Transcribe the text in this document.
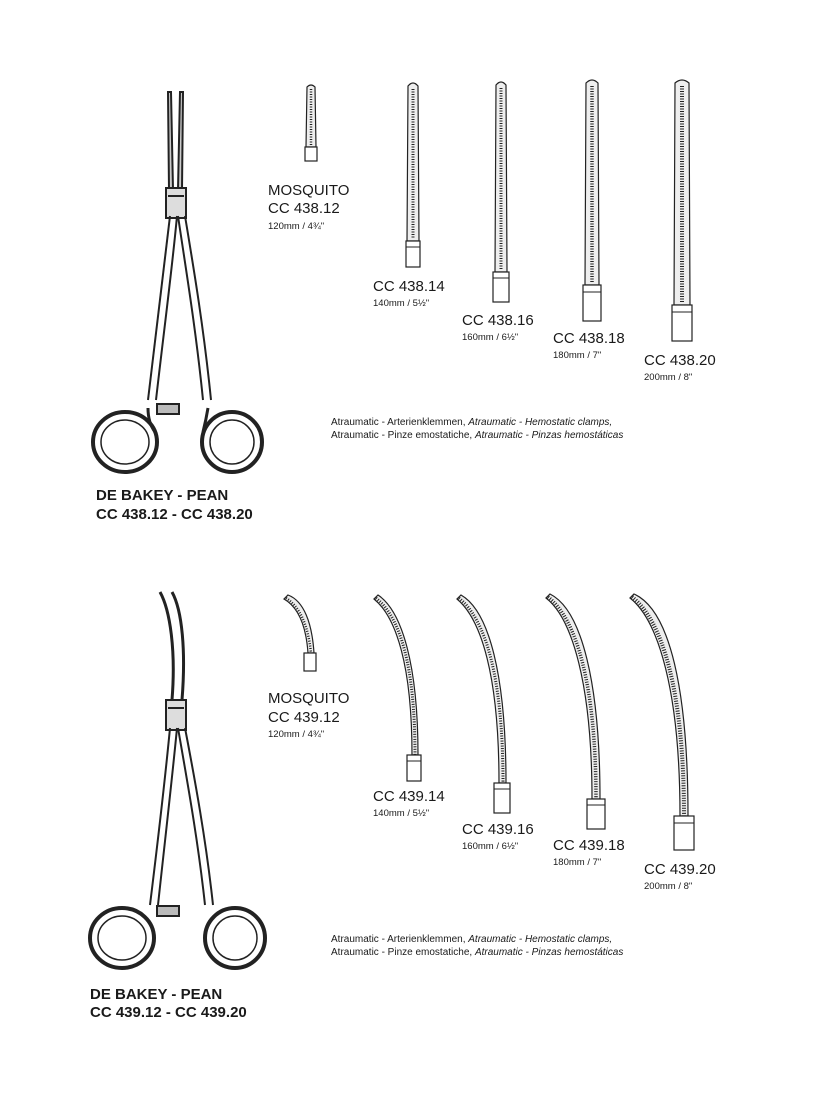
MOSQUITO
CC 438.12
120mm / 4¾"
CC 438.14
140mm / 5½"
CC 438.16
160mm / 6½" CC 438.18
180mm / 7"	CC 438.20
200mm / 8"
Atraumatic - Arterienklemmen, Atraumatic - Hemostatic clamps,
Atraumatic - Pinze emostatiche, Atraumatic - Pinzas hemostáticas
DE BAKEY - PEAN
CC 438.12 - CC 438.20
MOSQUITO
CC 439.12
120mm / 4¾"
CC 439.14
140mm / 5½"
CC 439.16
160mm / 6½" CC 439.18
180mm / 7"	CC 439.20
200mm / 8"
Atraumatic - Arterienklemmen, Atraumatic - Hemostatic clamps,
Atraumatic - Pinze emostatiche, Atraumatic - Pinzas hemostáticas
DE BAKEY - PEAN
CC 439.12 - CC 439.20
